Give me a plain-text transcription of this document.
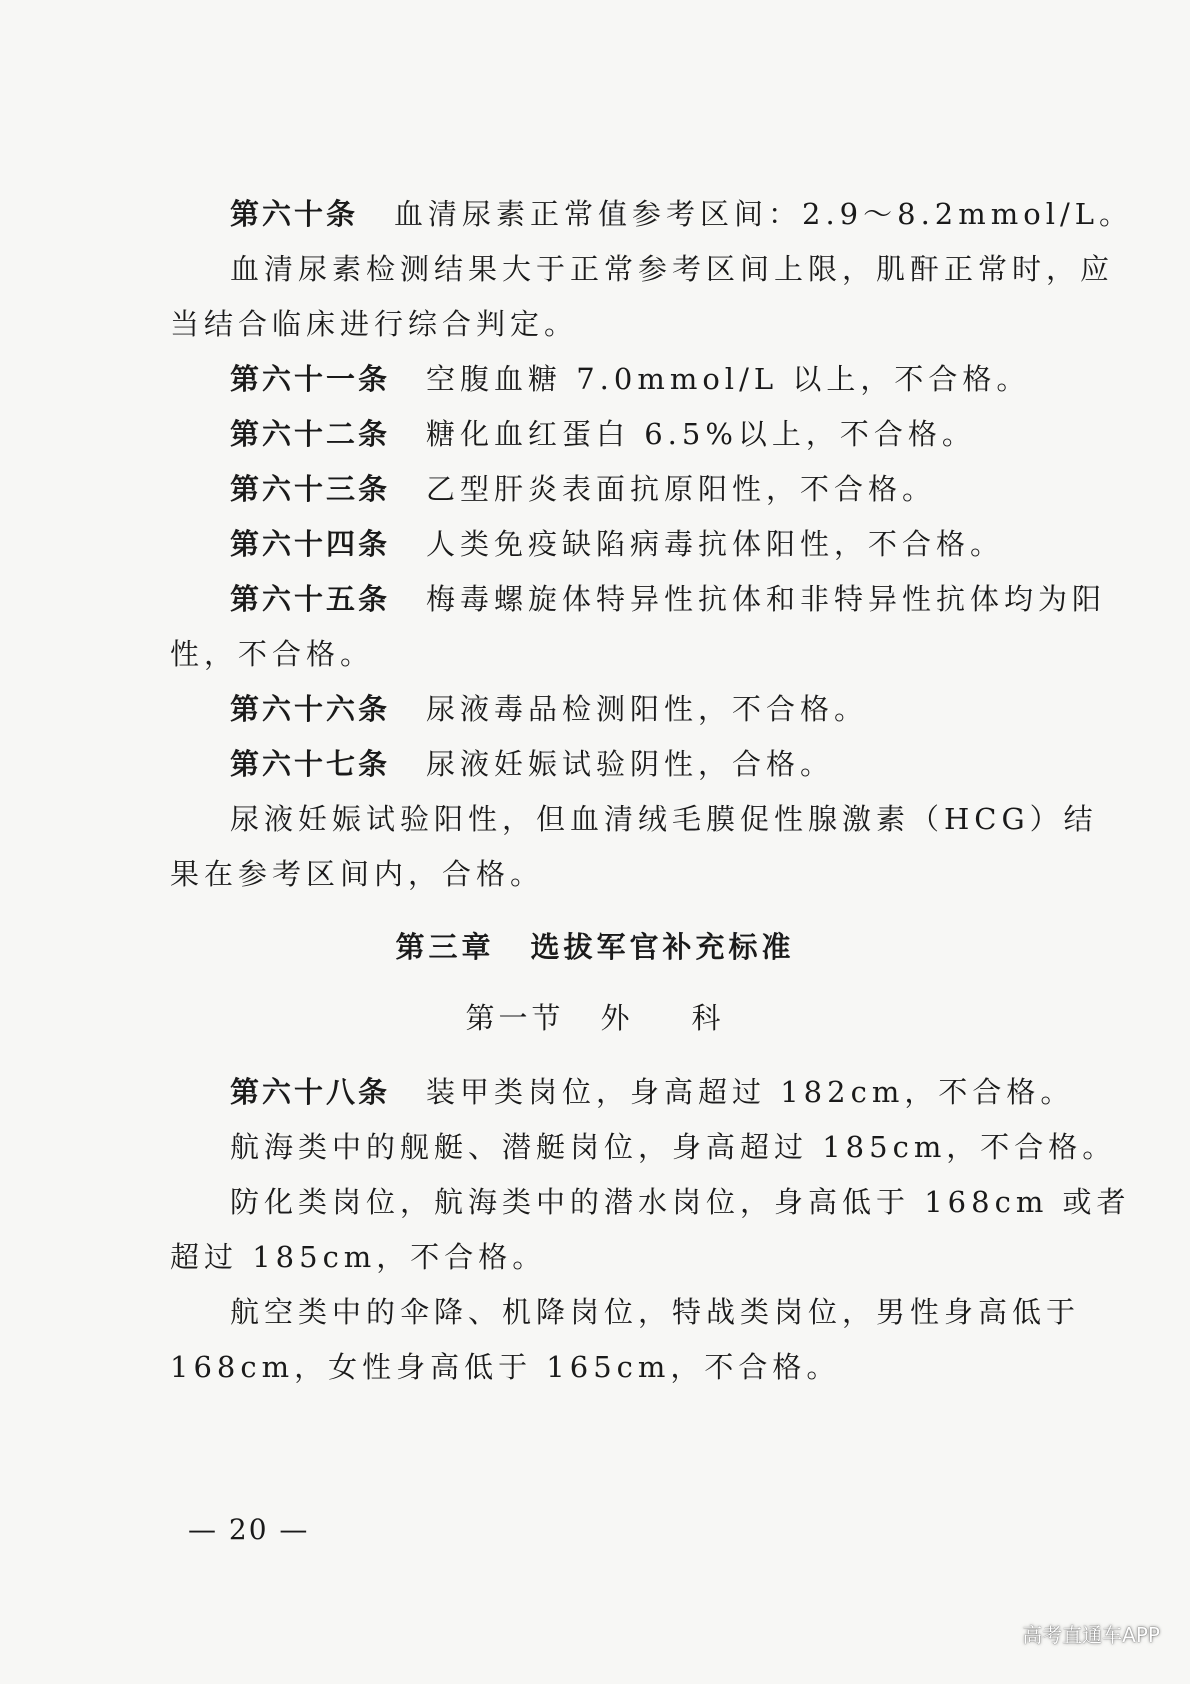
第六十条 血清尿素正常值参考区间：2.9～8.2mmol/L。
血清尿素检测结果大于正常参考区间上限，肌酐正常时，应
当结合临床进行综合判定。
第六十一条 空腹血糖 7.0mmol/L 以上，不合格。
第六十二条 糖化血红蛋白 6.5%以上，不合格。
第六十三条 乙型肝炎表面抗原阳性，不合格。
第六十四条 人类免疫缺陷病毒抗体阳性，不合格。
第六十五条 梅毒螺旋体特异性抗体和非特异性抗体均为阳
性，不合格。
第六十六条 尿液毒品检测阳性，不合格。
第六十七条 尿液妊娠试验阴性，合格。
尿液妊娠试验阳性，但血清绒毛膜促性腺激素（HCG）结
果在参考区间内，合格。
第三章 选拔军官补充标准
第一节 外 科
第六十八条 装甲类岗位，身高超过 182cm，不合格。
航海类中的舰艇、潜艇岗位，身高超过 185cm，不合格。
防化类岗位，航海类中的潜水岗位，身高低于 168cm 或者
超过 185cm，不合格。
航空类中的伞降、机降岗位，特战类岗位，男性身高低于
168cm，女性身高低于 165cm，不合格。
— 20 —
高考直通车APP
